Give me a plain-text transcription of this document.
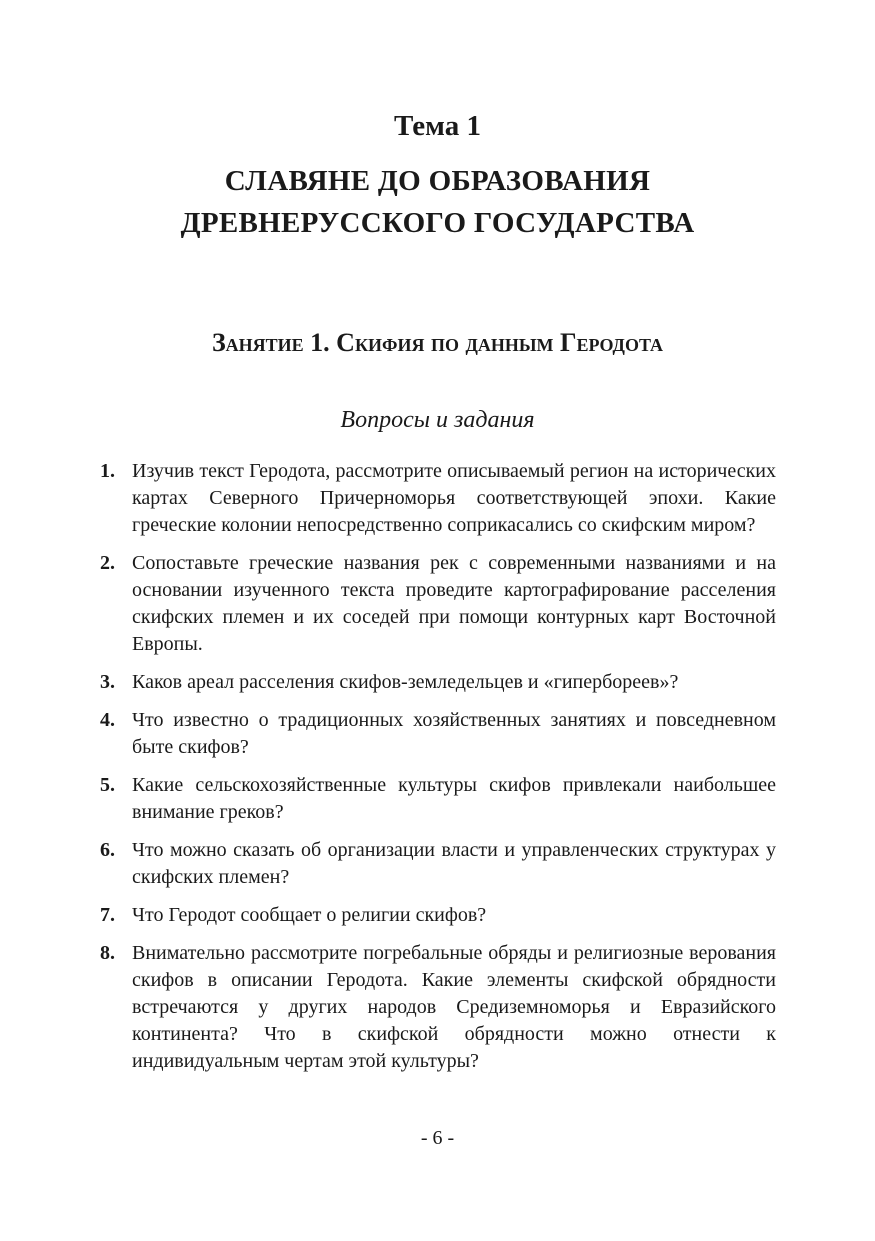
Тема 1
СЛАВЯНЕ ДО ОБРАЗОВАНИЯ
ДРЕВНЕРУССКОГО ГОСУДАРСТВА
Занятие 1. Скифия по данным Геродота
Вопросы и задания
1. Изучив текст Геродота, рассмотрите описываемый регион на исторических картах Северного Причерноморья соответствующей эпохи. Какие греческие колонии непосредственно соприкасались со скифским миром?
2. Сопоставьте греческие названия рек с современными названиями и на основании изученного текста проведите картографирование расселения скифских племен и их соседей при помощи контурных карт Восточной Европы.
3. Каков ареал расселения скифов-земледельцев и «гипербореев»?
4. Что известно о традиционных хозяйственных занятиях и повседневном быте скифов?
5. Какие сельскохозяйственные культуры скифов привлекали наибольшее внимание греков?
6. Что можно сказать об организации власти и управленческих структурах у скифских племен?
7. Что Геродот сообщает о религии скифов?
8. Внимательно рассмотрите погребальные обряды и религиозные верования скифов в описании Геродота. Какие элементы скифской обрядности встречаются у других народов Средиземноморья и Евразийского континента? Что в скифской обрядности можно отнести к индивидуальным чертам этой культуры?
- 6 -
